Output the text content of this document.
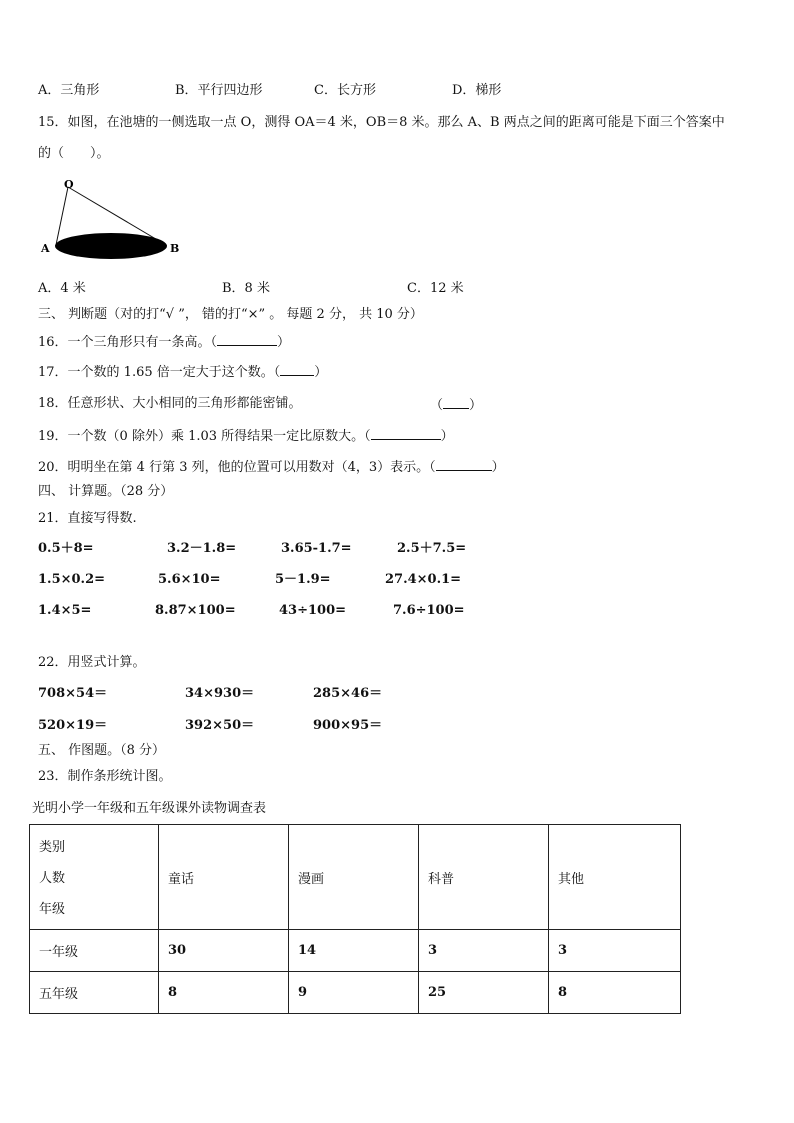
A．三角形	B．平行四边形	C．长方形	D．梯形
15．如图，在池塘的一侧选取一点 O，测得 OA＝4 米，OB＝8 米。那么 A、B 两点之间的距离可能是下面三个答案中
的（　　）。
O
A	B
A．4 米	B．8 米	C．12 米
三、 判断题（对的打“√ ”， 错的打“×” 。 每题 2 分， 共 10 分）
16．一个三角形只有一条高。（	）
17．一个数的 1.65 倍一定大于这个数。（	）
18．任意形状、大小相同的三角形都能密铺。	（ ）
19．一个数（0 除外）乘 1.03 所得结果一定比原数大。（	）
20．明明坐在第 4 行第 3 列，他的位置可以用数对（4，3）表示。（	）
四、 计算题。（28 分）
21．直接写得数.
0.5＋8=	3.2－1.8=	3.65-1.7=	2.5＋7.5=
1.5×0.2=	5.6×10=	5－1.9=	27.4×0.1=
1.4×5=	8.87×100=	43÷100=	7.6÷100=
22．用竖式计算。
708×54＝	34×930＝	285×46＝
520×19＝	392×50＝	900×95＝
五、 作图题。（8 分）
23．制作条形统计图。
光明小学一年级和五年级课外读物调查表
类别
人数
年级	童话	漫画	科普	其他
一年级	30	14	3	3
五年级	8	9	25	8
